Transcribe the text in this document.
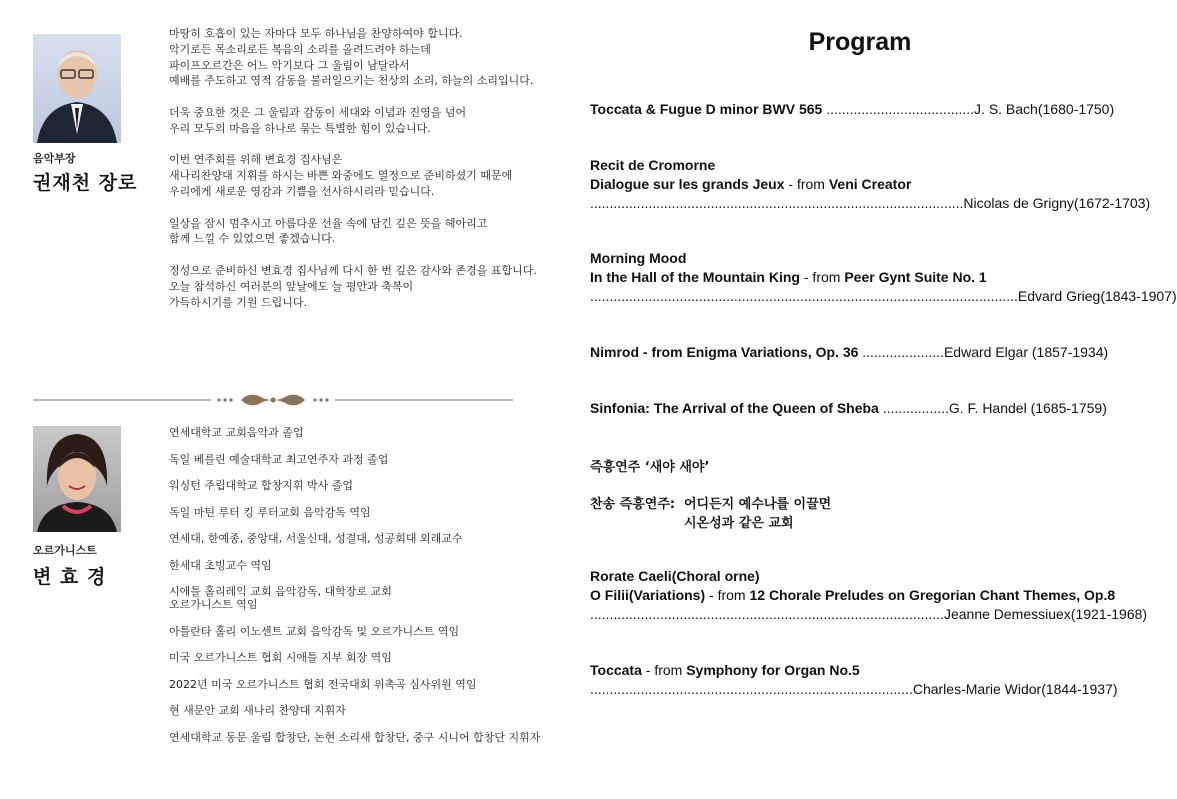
음악부장
권재천 장로

마땅히 호흡이 있는 자마다 모두 하나님을 찬양하여야 합니다.
악기로든 목소리로든 복음의 소리를 올려드려야 하는데
파이프오르간은 어느 악기보다 그 울림이 남달라서
예배를 주도하고 영적 감동을 불러일으키는 천상의 소리, 하늘의 소리입니다.

더욱 중요한 것은 그 울림과 감동이 세대와 이념과 진영을 넘어
우리 모두의 마음을 하나로 묶는 특별한 힘이 있습니다.

이번 연주회를 위해 변효경 집사님은
새나리찬양대 지휘를 하시는 바쁜 와중에도 열정으로 준비하셨기 때문에
우리에게 새로운 영감과 기쁨을 선사하시리라 믿습니다.

일상을 잠시 멈추시고 아름다운 선율 속에 담긴 깊은 뜻을 헤아리고
함께 느낄 수 있었으면 좋겠습니다.

정성으로 준비하신 변효경 집사님께 다시 한 번 깊은 감사와 존경을 표합니다.
오늘 참석하신 여러분의 앞날에도 늘 평안과 축복이
가득하시기를 기원 드립니다.

오르가니스트
변 효 경
연세대학교 교회음악과 졸업
독일 베를린 예술대학교 최고연주자 과정 졸업
워싱턴 주립대학교 합창지휘 박사 졸업
독일 마틴 루터 킹 루터교회 음악감독 역임
연세대, 한예종, 중앙대, 서울신대, 성결대, 성공회대 외래교수
한세대 초빙교수 역임
시애틀 홀리레익 교회 음악감독, 대학장로 교회
오르가니스트 역임
아틀란타 홀리 이노센트 교회 음악감독 및 오르가니스트 역임
미국 오르가니스트 협회 시애틀 지부 회장 역임
2022년 미국 오르가니스트 협회 전국대회 위촉곡 심사위원 역임
현 새문안 교회 새나리 찬양대 지휘자
연세대학교 동문 울림 합창단, 논현 소리새 합창단, 중구 시니어 합창단 지휘자
Program
Toccata & Fugue D minor BWV 565 ......................................J. S. Bach(1680-1750)
Recit de Cromorne
Dialogue sur les grands Jeux - from Veni Creator
................................................................................................Nicolas de Grigny(1672-1703)
Morning Mood
In the Hall of the Mountain King - from Peer Gynt Suite No. 1
..............................................................................................................Edvard Grieg(1843-1907)
Nimrod - from Enigma Variations, Op. 36 .....................Edward Elgar (1857-1934)
Sinfonia: The Arrival of the Queen of Sheba .................G. F. Handel (1685-1759)
즉흥연주 ‘새야 새야’
찬송 즉흥연주: 어디든지 예수나를 이끌면
시온성과 같은 교회
Rorate Caeli(Choral orne)
O Filii(Variations) - from 12 Chorale Preludes on Gregorian Chant Themes, Op.8
...........................................................................................Jeanne Demessiuex(1921-1968)
Toccata - from Symphony for Organ No.5
...................................................................................Charles-Marie Widor(1844-1937)
